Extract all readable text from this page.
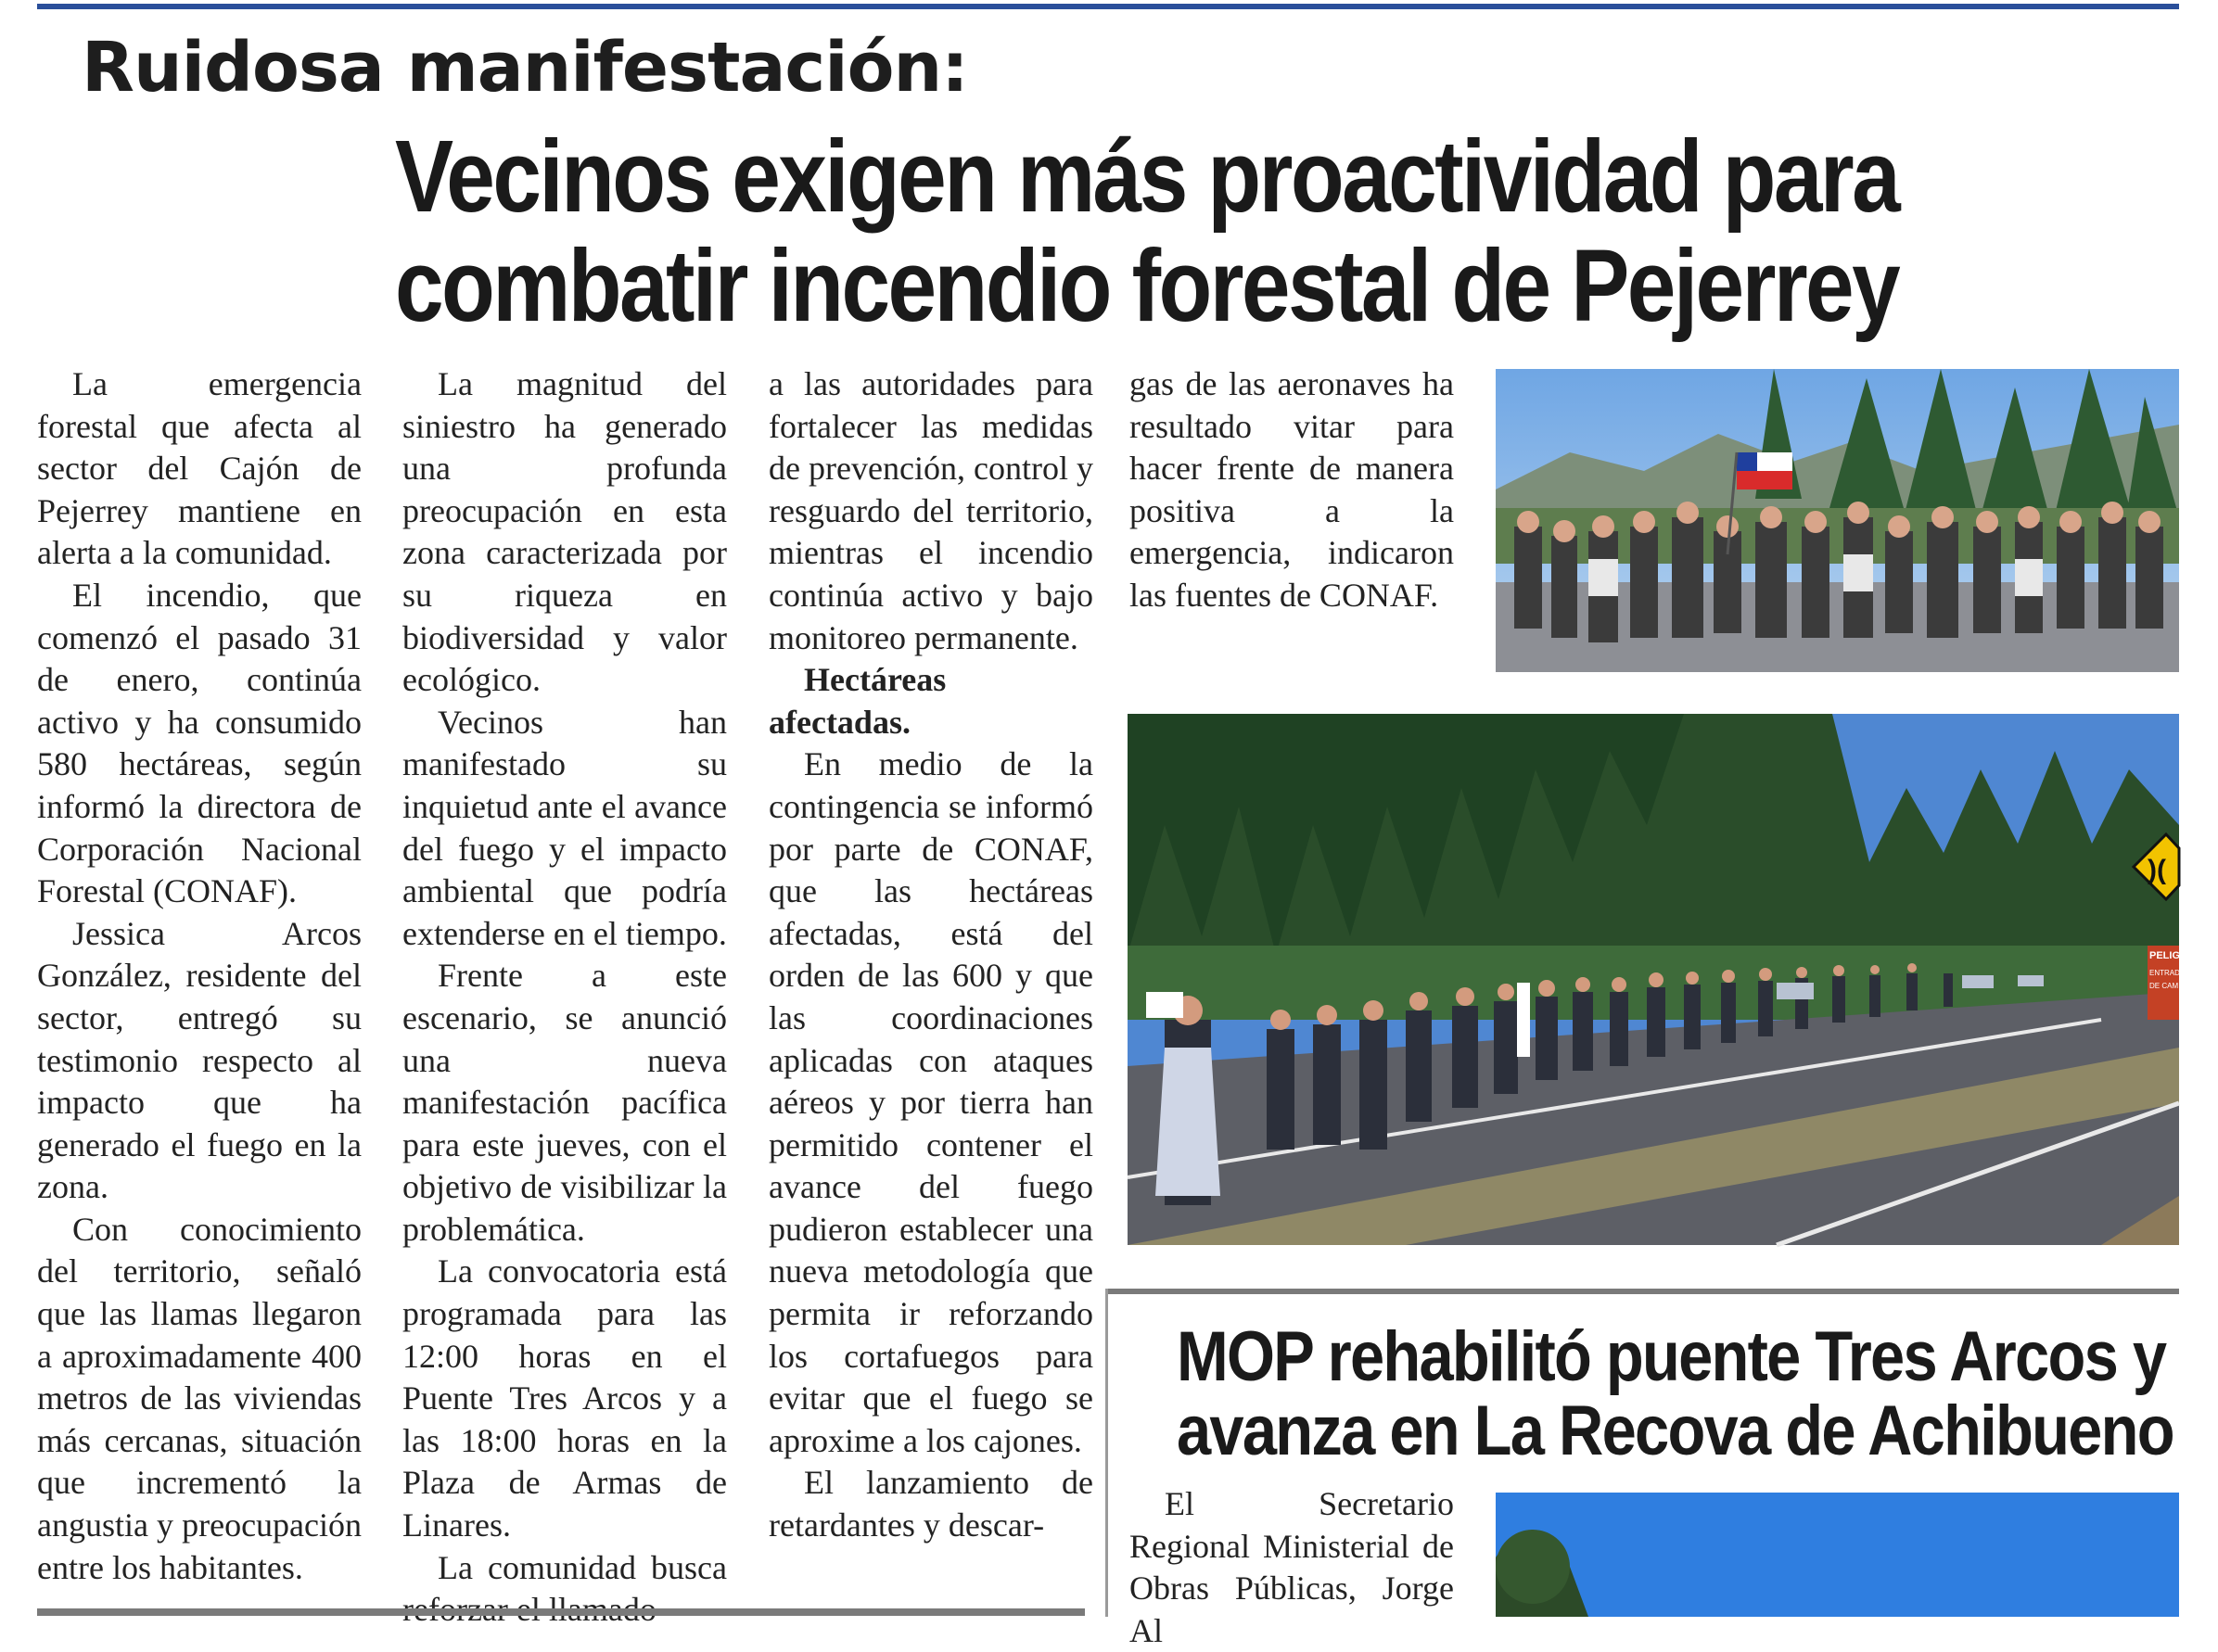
Ruidosa manifestación:
Vecinos exigen más proactividad para
combatir incendio forestal de Pejerrey

La emergencia forestal que afecta al sector del Cajón de Pejerrey mantiene en alerta a la comunidad.

El incendio, que comenzó el pasado 31 de enero, continúa activo y ha consumido 580 hectáreas, según informó la directora de Corporación Nacional Forestal (CONAF).

Jessica Arcos González, residente del sector, entregó su testimonio respecto al impacto que ha generado el fuego en la zona.

Con conocimiento del territorio, señaló que las llamas llegaron a aproximadamente 400 metros de las viviendas más cercanas, situación que incrementó la angustia y preocupación entre los habitantes.

La magnitud del siniestro ha generado una profunda preocupación en esta zona caracterizada por su riqueza en biodiversidad y valor ecológico.

Vecinos han manifestado su inquietud ante el avance del fuego y el impacto ambiental que podría extenderse en el tiempo.

Frente a este escenario, se anunció una nueva manifestación pacífica para este jueves, con el objetivo de visibilizar la problemática.

La convocatoria está programada para las 12:00 horas en el Puente Tres Arcos y a las 18:00 horas en la Plaza de Armas de Linares.

La comunidad busca

a las autoridades para fortalecer las medidas de prevención, control y resguardo del territorio, mientras el incendio continúa activo y bajo monitoreo permanente.

Hectáreas afectadas.

En medio de la contingencia se informó por parte de CONAF, que las hectáreas afectadas, está del orden de las 600 y que las coordinaciones aplicadas con ataques aéreos y por tierra han permitido contener el avance del fuego pudieron establecer una nueva metodología que permita ir reforzando los cortafuegos para evitar que el fuego se aproxime a los cajones.

El lanzamiento de retardantes y descar-

gas de las aeronaves ha resultado vitar para hacer frente de manera positiva a la emergencia, indicaron las fuentes de CONAF.

)(
PELIG
ENTRADA Y
DE CAM
MOP rehabilitó puente Tres Arcos y
avanza en La Recova de Achibueno

El Secretario Regional Ministerial de Obras Públicas, Jorge Al
